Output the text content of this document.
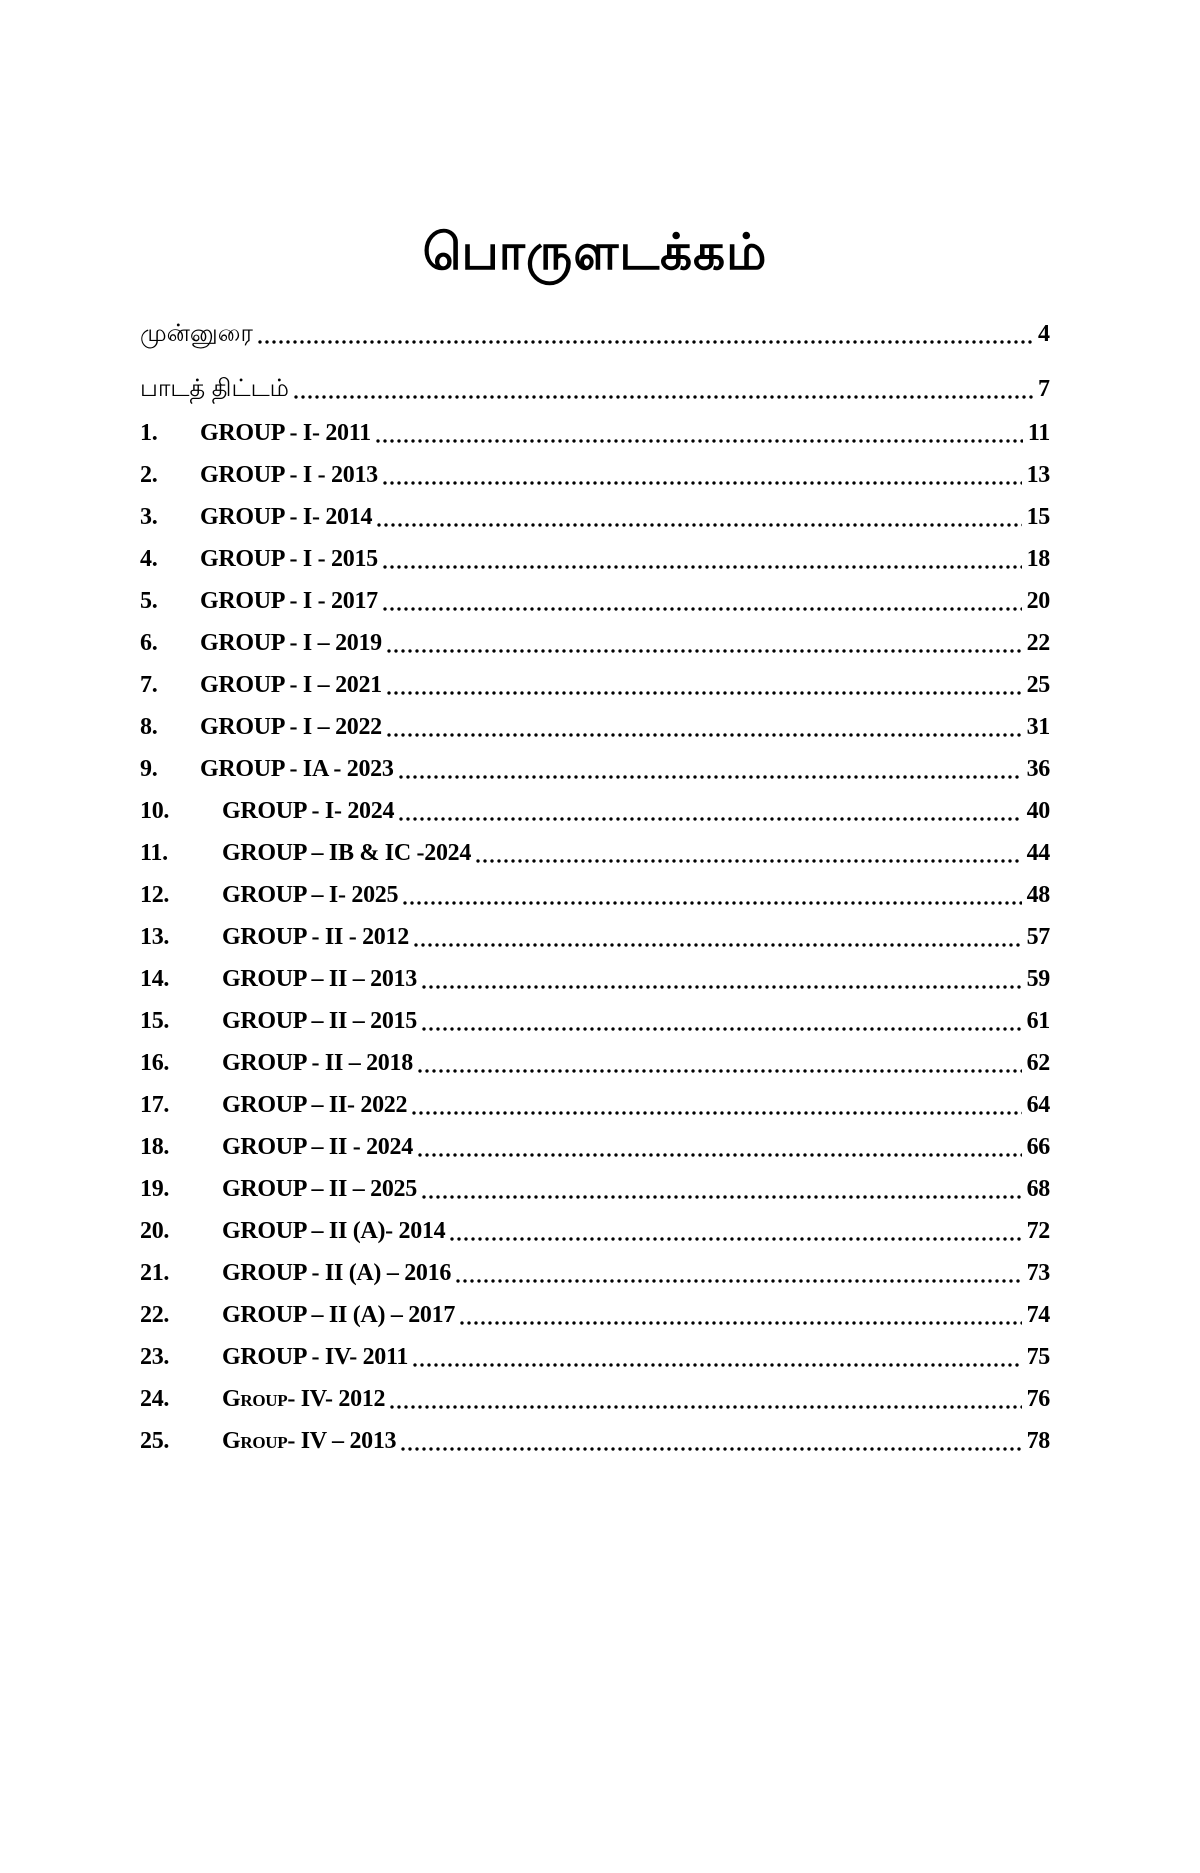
பொருளடக்கம்
முன்னுரை	4
பாடத் திட்டம்	7
1.	GROUP - I- 2011	11
2.	GROUP - I - 2013	13
3.	GROUP - I- 2014	15
4.	GROUP - I - 2015	18
5.	GROUP - I - 2017	20
6.	GROUP - I – 2019	22
7.	GROUP - I – 2021	25
8.	GROUP - I – 2022	31
9.	GROUP - IA - 2023	36
10.	GROUP - I- 2024	40
11.	GROUP – IB & IC -2024	44
12.	GROUP – I- 2025	48
13.	GROUP - II - 2012	57
14.	GROUP – II – 2013	59
15.	GROUP – II – 2015	61
16.	GROUP - II – 2018	62
17.	GROUP – II- 2022	64
18.	GROUP – II - 2024	66
19.	GROUP – II – 2025	68
20.	GROUP – II (A)- 2014	72
21.	GROUP - II (A) – 2016	73
22.	GROUP – II (A) – 2017	74
23.	GROUP - IV- 2011	75
24.	Group- IV- 2012	76
25.	Group- IV – 2013	78
